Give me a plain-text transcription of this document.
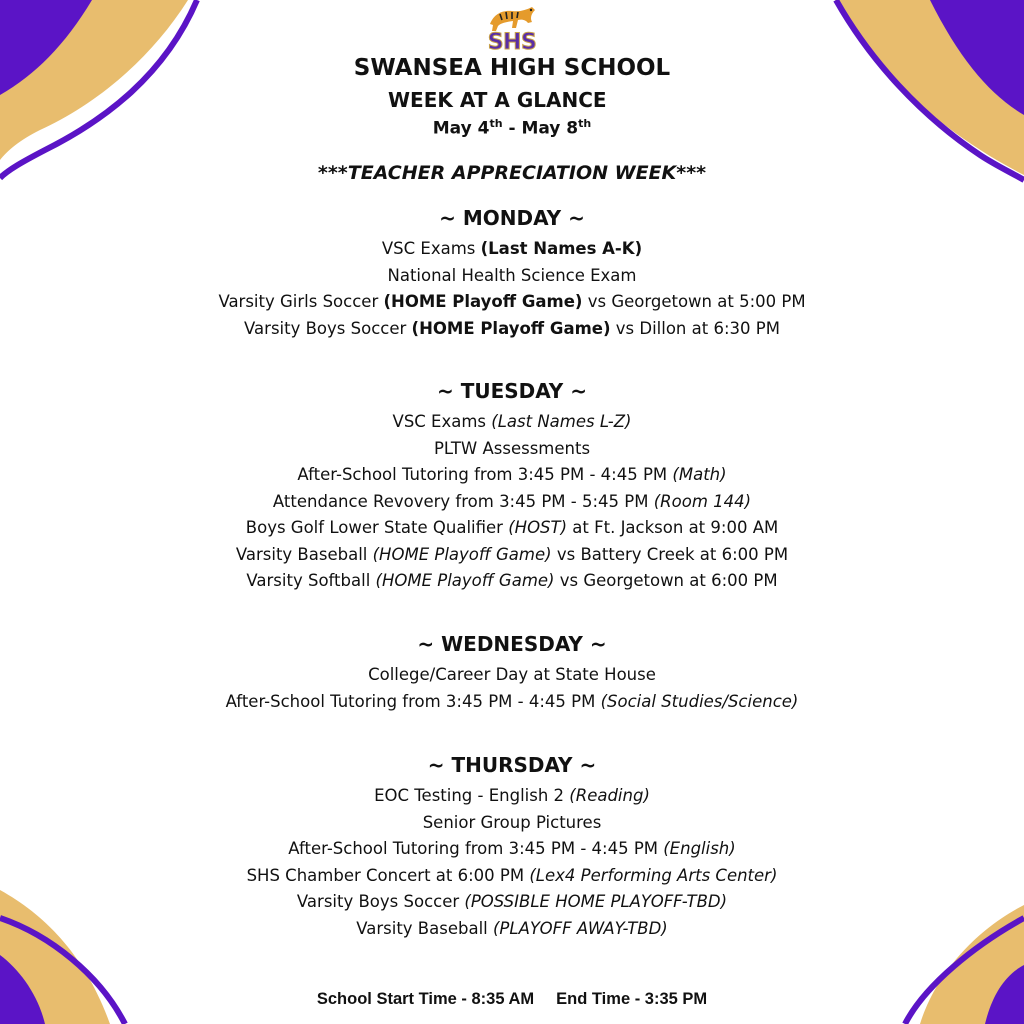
SHS
SWANSEA HIGH SCHOOL
WEEK AT A GLANCE
May 4th - May 8th
***TEACHER APPRECIATION WEEK***
~ MONDAY ~
VSC Exams (Last Names A-K)
National Health Science Exam
Varsity Girls Soccer (HOME Playoff Game) vs Georgetown at 5:00 PM
Varsity Boys Soccer (HOME Playoff Game) vs Dillon at 6:30 PM
~ TUESDAY ~
VSC Exams (Last Names L-Z)
PLTW Assessments
After-School Tutoring from 3:45 PM - 4:45 PM (Math)
Attendance Revovery from 3:45 PM - 5:45 PM (Room 144)
Boys Golf Lower State Qualifier (HOST) at Ft. Jackson at 9:00 AM
Varsity Baseball (HOME Playoff Game) vs Battery Creek at 6:00 PM
Varsity Softball (HOME Playoff Game) vs Georgetown at 6:00 PM
~ WEDNESDAY ~
College/Career Day at State House
After-School Tutoring from 3:45 PM - 4:45 PM (Social Studies/Science)
~ THURSDAY ~
EOC Testing - English 2 (Reading)
Senior Group Pictures
After-School Tutoring from 3:45 PM - 4:45 PM (English)
SHS Chamber Concert at 6:00 PM (Lex4 Performing Arts Center)
Varsity Boys Soccer (POSSIBLE HOME PLAYOFF-TBD)
Varsity Baseball (PLAYOFF AWAY-TBD)
School Start Time - 8:35 AM End Time - 3:35 PM
